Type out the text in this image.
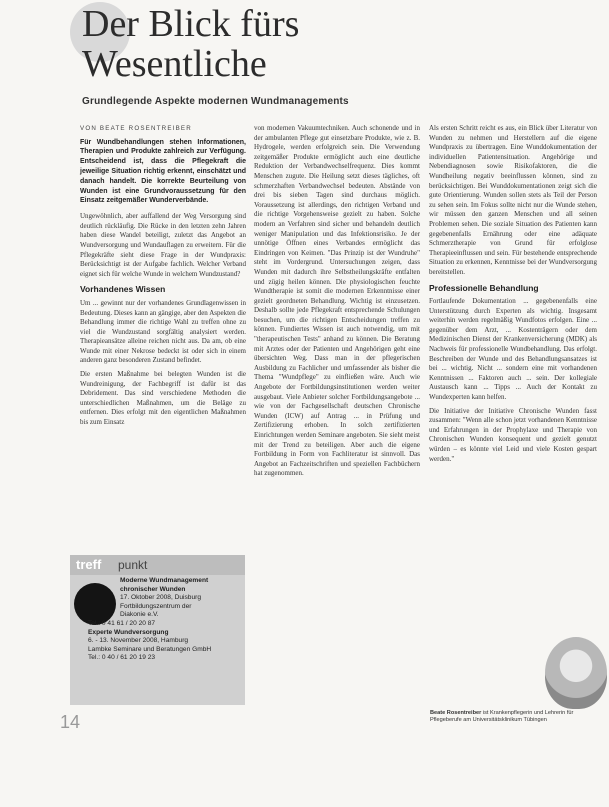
Der Blick fürs
Wesentliche
Grundlegende Aspekte modernen Wundmanagements
VON BEATE ROSENTREIBER
Für Wundbehandlungen stehen Informationen, Therapien und Produkte zahlreich zur Verfügung. Entscheidend ist, dass die Pflegekraft die jeweilige Situation richtig erkennt, einschätzt und danach handelt. Die korrekte Beurteilung von Wunden ist eine Grundvoraussetzung für den Einsatz zeitgemäßer Wunderverbände.

Ungewöhnlich, aber auffallend der Weg Versorgung sind deutlich rückläufig. Die Rücke in den letzten zehn Jahren haben diese Wandel beteiligt, zuletzt das Angebot an Wundversorgung und Wundauflagen zu erweitern. Für die Pflegekräfte sieht diese Frage in der Wundpraxis: Berücksichtigt ist der Aufgabe fachlich. Welcher Verband eignet sich für welche Wunde in welchem Wundzustand?

Vorhandenes Wissen

Um ... gewinnt nur der vorhandenes Grundlagenwissen in Bedeutung. Dieses kann an gängige, aber den Aspekten die Behandlung immer die richtige Wahl zu treffen ohne zu viel die Wundzustand sorgfältig analysiert werden. Therapieansätze alleine reichen nicht aus. Da am, ob eine Wunde mit einer Nekrose bedeckt ist oder sich in einem anderen ganz besonderen Zustand befindet.

Die ersten Maßnahme bei belegten Wunden ist die Wundreinigung, der Fachbegriff ist dafür ist das Debridement. Das sind verschiedene Methoden die unterschiedlichen Maßnahmen, um die Beläge zu entfernen. Dies erfolgt mit den eigentlichen Maßnahmen bis zum Einsatz

von modernen Vakuumtechniken. Auch schonende und in der ambulanten Pflege gut einsetzbare Produkte, wie z. B. Hydrogele, werden erfolgreich sein. Die Verwendung zeitgemäßer Produkte ermöglicht auch eine deutliche Reduktion der Verbandwechselfrequenz. Dies kommt Menschen zugute. Die Heilung setzt dieses tägliches, oft schmerzhaften Verbandwechsel bedeuten. Abstände von drei bis sieben Tagen sind durchaus möglich. Voraussetzung ist allerdings, den richtigen Verband und die richtige Vorgehensweise gezielt zu haben. Solche modern an Verfahren sind sicher und behandeln deutlich weniger Manipulation und das Infektionsrisiko. Je der unnötige Öffnen eines Verbandes ermöglicht das Eindringen von Keimen. "Das Prinzip ist der Wundruhe" steht im Vordergrund. Untersuchungen zeigen, dass Wunden mit dadurch ihre Selbstheilungskräfte entfalten und zügig heilen können. Die physiologischen feuchte Wundtherapie ist somit die modernen Erkenntnisse einer gezielt geordneten Behandlung. Wichtig ist einzusetzen. Deshalb sollte jede Pflegekraft entsprechende Schulungen besuchen, um die richtigen Entscheidungen treffen zu können. Fundiertes Wissen ist auch notwendig, um mit "therapeutischen Tests" anhand zu können. Die Beratung mit Arztes oder der Patienten und Angehörigen geht eine übersichten Weg. Dass man in der pflegerischen Ausbildung zu Fachlicher und umfassender als bisher die Thema "Wundpflege" zu einfließen wäre. Auch wie Angebote der Fortbildungsinstitutionen werden weiter ausgebaut. Viele Anbieter solcher Fortbildungsangebote ... wie von der Fachgesellschaft deutschen Chronische Wunden (ICW) auf Antrag ... in Prüfung und Zertifizierung erhoben. In solch zertifizierten Einrichtungen werden Seminare angeboten. Sie sieht meist mit der Trend zu beteiligen. Aber auch die eigene Fortbildung in Form von Fachliteratur ist sinnvoll. Das Angebot an Fachzeitschriften und speziellen Fachbüchern hat zugenommen.

Als ersten Schritt reicht es aus, ein Blick über Literatur von Wunden zu nehmen und Herstellern auf die eigene Wundpraxis zu übertragen. Eine Wunddokumentation der individuellen Patientensituation. Angehörige und Nebendiagnosen sowie Risikofaktoren, die die Wundheilung negativ beeinflussen können, sind zu berücksichtigen. Bei Wunddokumentationen zeigt sich die gute Orientierung. Wunden sollen stets als Teil der Person zu sehen sein. Im Fokus sollte nicht nur die Wunde stehen, wir müssen den ganzen Menschen und all seinen Problemen sehen. Die soziale Situation des Patienten kann gegebenenfalls Ernährung oder eine adäquate Schmerztherapie von Grund für erfolglose Therapieeinflussen und sein. Für bestehende entsprechende Situation zu erkennen, Kenntnisse bei der Wundversorgung bereitstellen.

Professionelle Behandlung

Fortlaufende Dokumentation ... gegebenenfalls eine Unterstützung durch Experten als wichtig. Insgesamt weiterhin werden regelmäßig Wundfotos erfolgen. Eine ... gegenüber dem Arzt, ... Kostenträgern oder dem Medizinischen Dienst der Krankenversicherung (MDK) als Nachweis für professionelle Wundbehandlung. Das erfolgt. Beschreiben der Wunde und des Behandlungsansatzes ist bei ... wichtig. Nicht ... sondern eine mit vorhandenen Kenntnissen ... Faktoren auch ... sein. Der kollegiale Austausch kann ... Tipps ... Auch der Kontakt zu Wundexperten kann helfen.

Die Initiative der Initiative Chronische Wunden fasst zusammen: "Wenn alle schon jetzt vorhandenen Kenntnisse und Erfahrungen in der Prophylaxe und Therapie von Chronischen Wunden konsequent und gezielt genutzt würden – es könnte viel Leid und viele Kosten gespart werden."

treff punkt
Moderne Wundmanagement
chronischer Wunden
17. Oktober 2008, Duisburg
Fortbildungszentrum der
Diakonie e.V.
Tel.: 0 41 61 / 20 20 87
Experte Wundversorgung
6. - 13. November 2008, Hamburg
Lambke Seminare und Beratungen GmbH
Tel.: 0 40 / 61 20 19 23
14	Beate Rosentreiber ist Krankenpflegerin und Lehrerin für Pflegeberufe am Universitätsklinikum Tübingen
